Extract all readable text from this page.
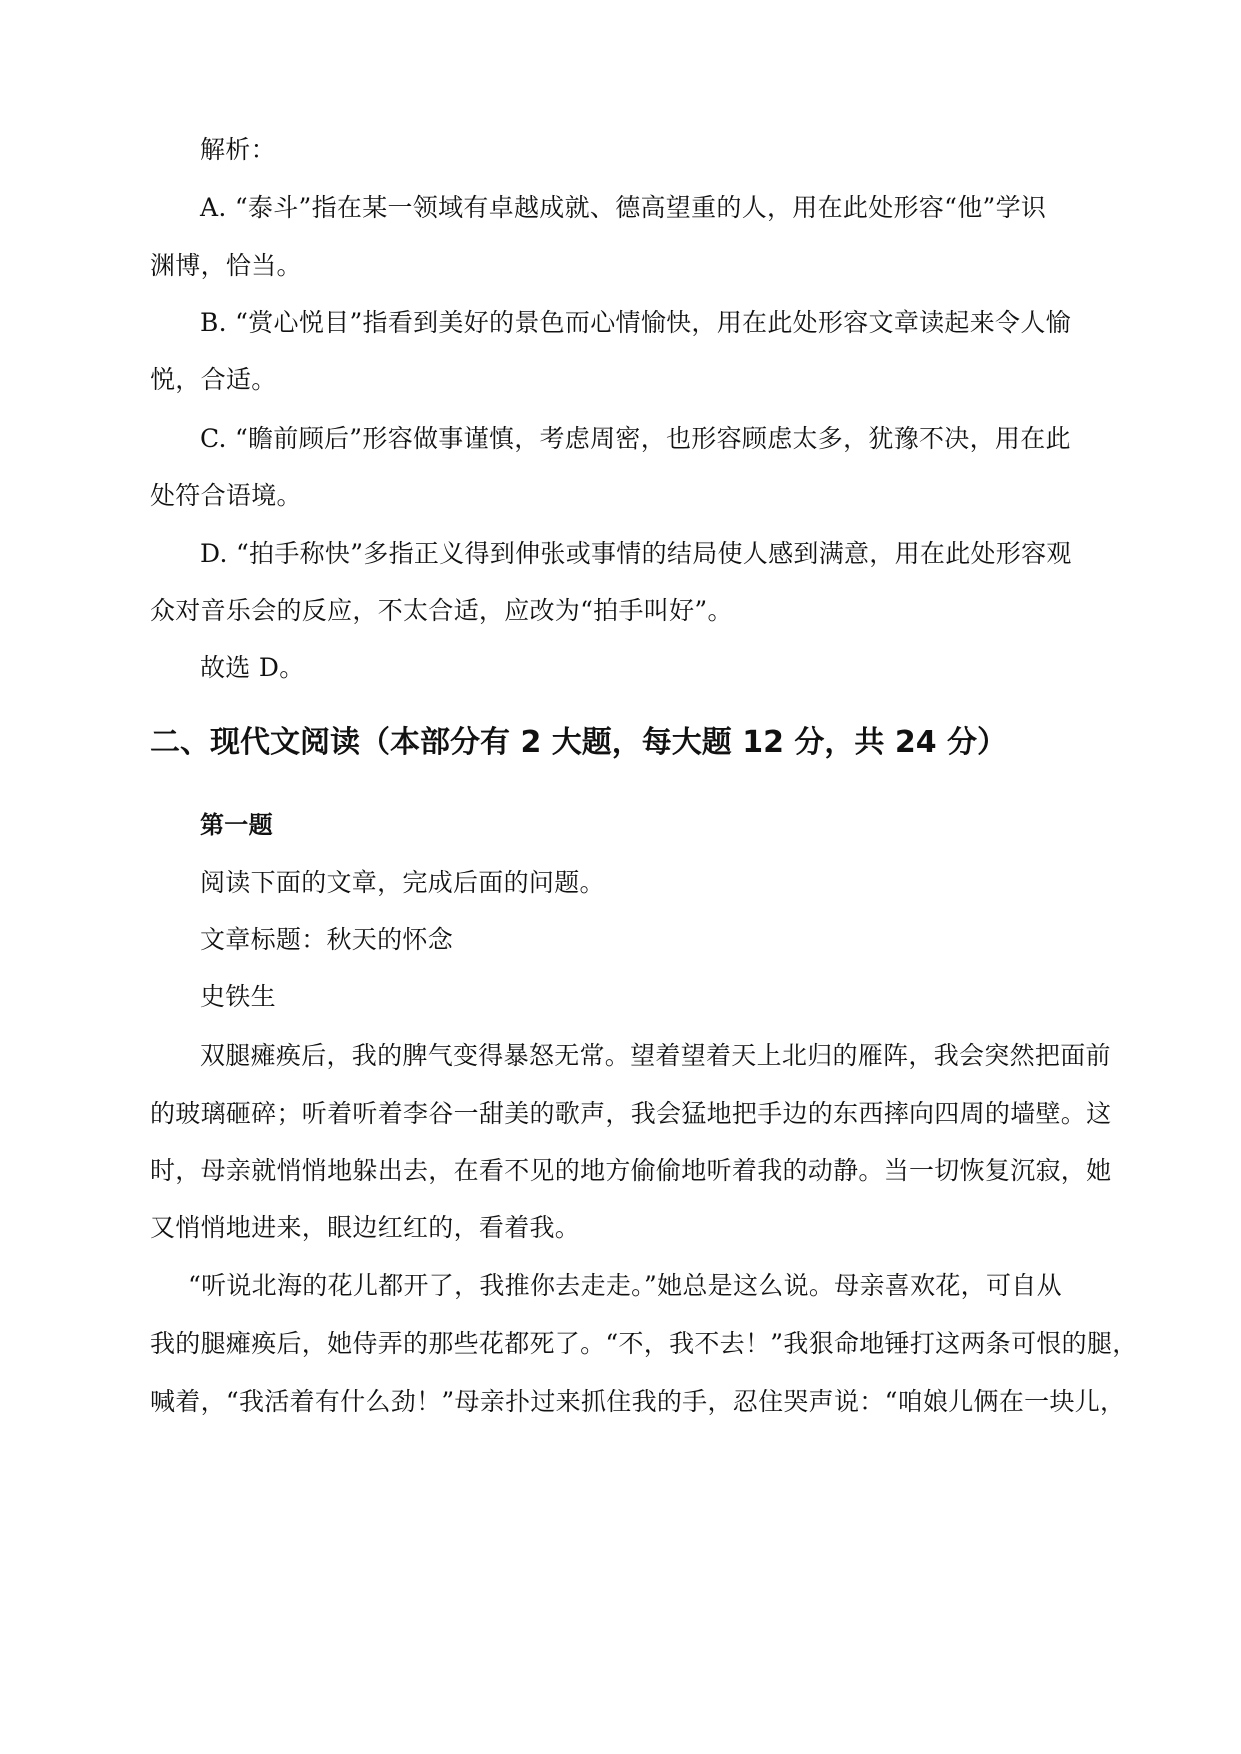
解析：
A. “泰斗”指在某一领域有卓越成就、德高望重的人，用在此处形容“他”学识
渊博，恰当。
B. “赏心悦目”指看到美好的景色而心情愉快，用在此处形容文章读起来令人愉
悦，合适。
C. “瞻前顾后”形容做事谨慎，考虑周密，也形容顾虑太多，犹豫不决，用在此
处符合语境。
D. “拍手称快”多指正义得到伸张或事情的结局使人感到满意，用在此处形容观
众对音乐会的反应，不太合适，应改为“拍手叫好”。
故选 D。
二、现代文阅读（本部分有 2 大题，每大题 12 分，共 24 分）
第一题
阅读下面的文章，完成后面的问题。
文章标题：秋天的怀念
史铁生
双腿瘫痪后，我的脾气变得暴怒无常。望着望着天上北归的雁阵，我会突然把面前
的玻璃砸碎；听着听着李谷一甜美的歌声，我会猛地把手边的东西摔向四周的墙壁。这
时，母亲就悄悄地躲出去，在看不见的地方偷偷地听着我的动静。当一切恢复沉寂，她
又悄悄地进来，眼边红红的，看着我。
“听说北海的花儿都开了，我推你去走走。”她总是这么说。母亲喜欢花，可自从
我的腿瘫痪后，她侍弄的那些花都死了。“不，我不去！”我狠命地锤打这两条可恨的腿，
喊着，“我活着有什么劲！”母亲扑过来抓住我的手，忍住哭声说：“咱娘儿俩在一块儿，
